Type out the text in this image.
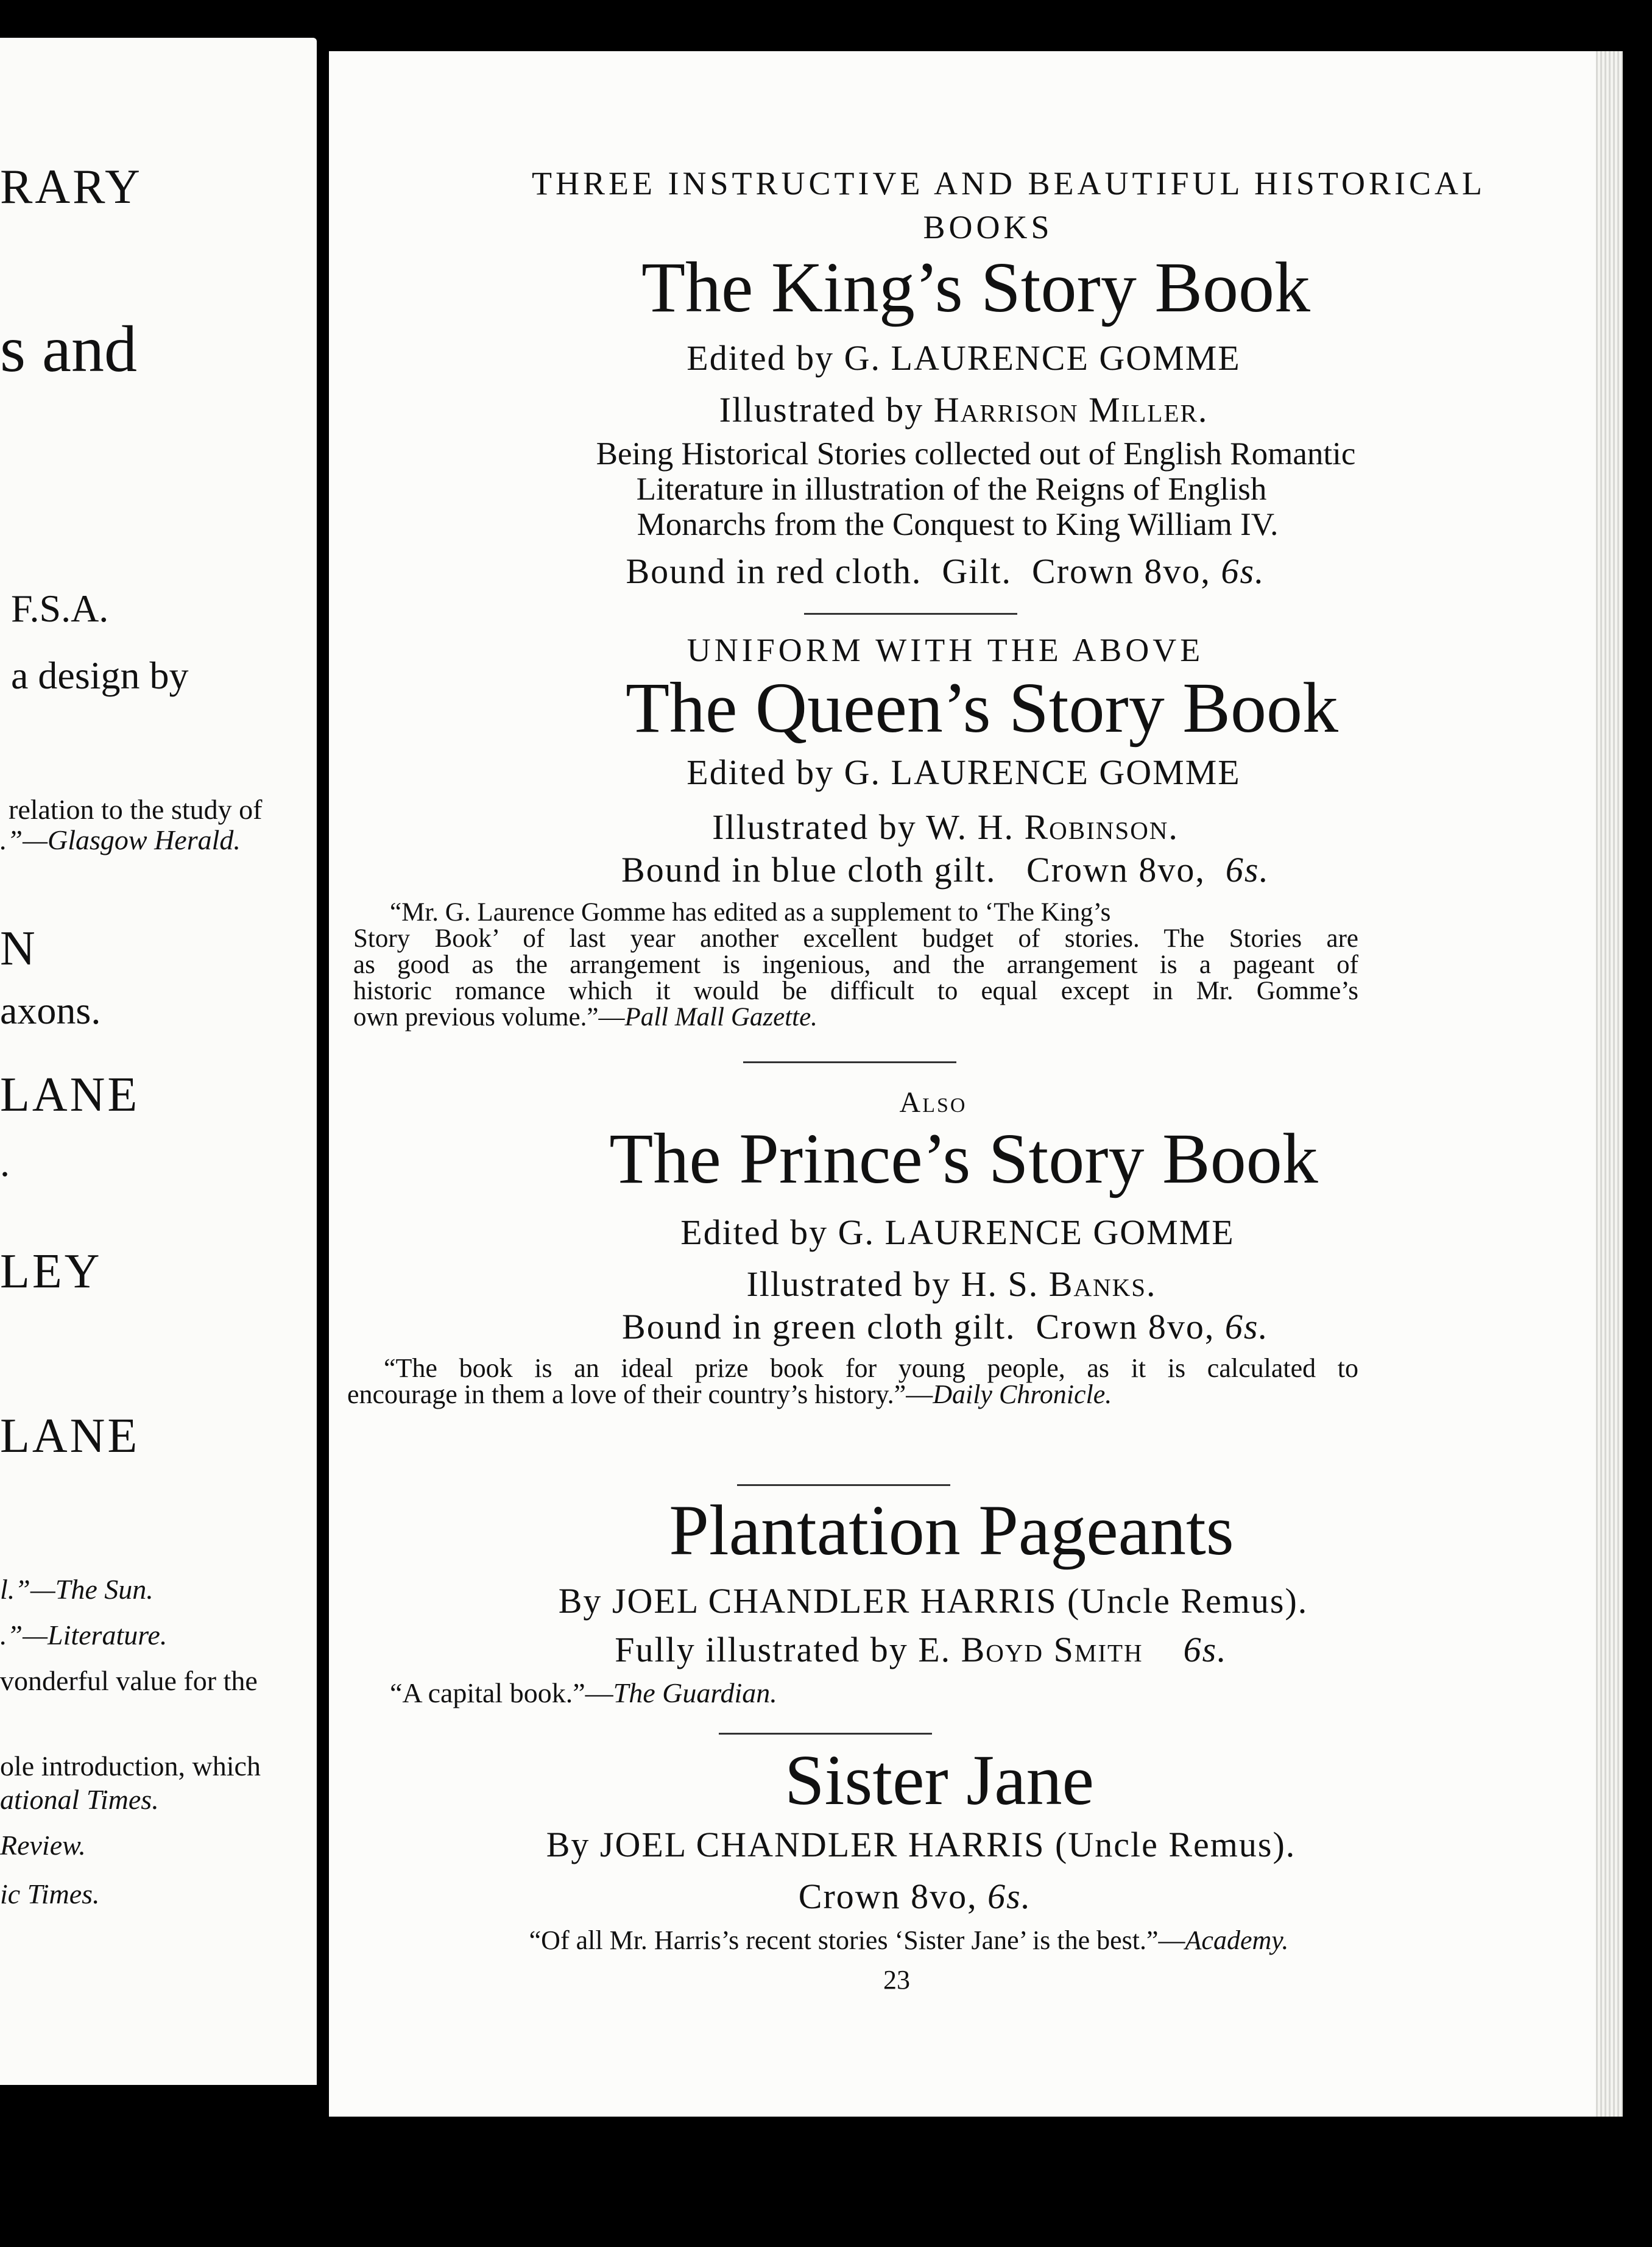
RARY
s and
F.S.A.
a design by
relation to the study of
.”—Glasgow Herald.
N
axons.
LANE
.
LEY
LANE
l.”—The Sun.
.”—Literature.
vonderful value for the
ole introduction, which
ational Times.
Review.
ic Times.
THREE INSTRUCTIVE AND BEAUTIFUL HISTORICAL
BOOKS
The King’s Story Book
Edited by G. LAURENCE GOMME
Illustrated by Harrison Miller.
Being Historical Stories collected out of English Romantic
Literature in illustration of the Reigns of English
Monarchs from the Conquest to King William IV.
Bound in red cloth.  Gilt.  Crown 8vo, 6s.
UNIFORM WITH THE ABOVE
The Queen’s Story Book
Edited by G. LAURENCE GOMME
Illustrated by W. H. Robinson.
Bound in blue cloth gilt.   Crown 8vo,  6s.
“Mr. G. Laurence Gomme has edited as a supplement to ‘The King’s
Story Book’ of last year another excellent budget of stories. The Stories are
as good as the arrangement is ingenious, and the arrangement is a pageant of
historic romance which it would be difficult to equal except in Mr. Gomme’s
own previous volume.”—Pall Mall Gazette.
Also
The Prince’s Story Book
Edited by G. LAURENCE GOMME
Illustrated by H. S. Banks.
Bound in green cloth gilt.  Crown 8vo, 6s.
“The book is an ideal prize book for young people, as it is calculated to
encourage in them a love of their country’s history.”—Daily Chronicle.
Plantation Pageants
By JOEL CHANDLER HARRIS (Uncle Remus).
Fully illustrated by E. Boyd Smith 6s.
“A capital book.”—The Guardian.
Sister Jane
By JOEL CHANDLER HARRIS (Uncle Remus).
Crown 8vo, 6s.
“Of all Mr. Harris’s recent stories ‘Sister Jane’ is the best.”—Academy.
23
